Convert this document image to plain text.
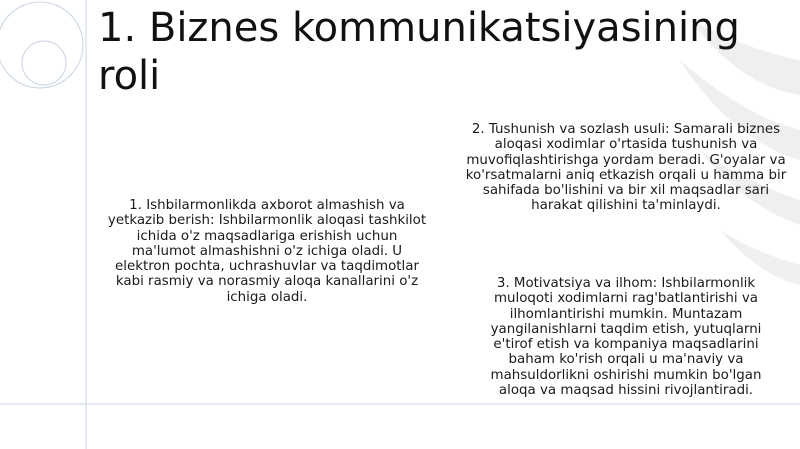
1. Biznes kommunikatsiyasining roli

1. Ishbilarmonlikda axborot almashish va yetkazib berish: Ishbilarmonlik aloqasi tashkilot ichida o'z maqsadlariga erishish uchun ma'lumot almashishni o'z ichiga oladi. U elektron pochta, uchrashuvlar va taqdimotlar kabi rasmiy va norasmiy aloqa kanallarini o'z ichiga oladi.

2. Tushunish va sozlash usuli: Samarali biznes aloqasi xodimlar o'rtasida tushunish va muvofiqlashtirishga yordam beradi. G'oyalar va ko'rsatmalarni aniq etkazish orqali u hamma bir sahifada bo'lishini va bir xil maqsadlar sari harakat qilishini ta'minlaydi.

3. Motivatsiya va ilhom: Ishbilarmonlik muloqoti xodimlarni rag'batlantirishi va ilhomlantirishi mumkin. Muntazam yangilanishlarni taqdim etish, yutuqlarni e'tirof etish va kompaniya maqsadlarini baham ko'rish orqali u ma'naviy va mahsuldorlikni oshirishi mumkin bo'lgan aloqa va maqsad hissini rivojlantiradi.
